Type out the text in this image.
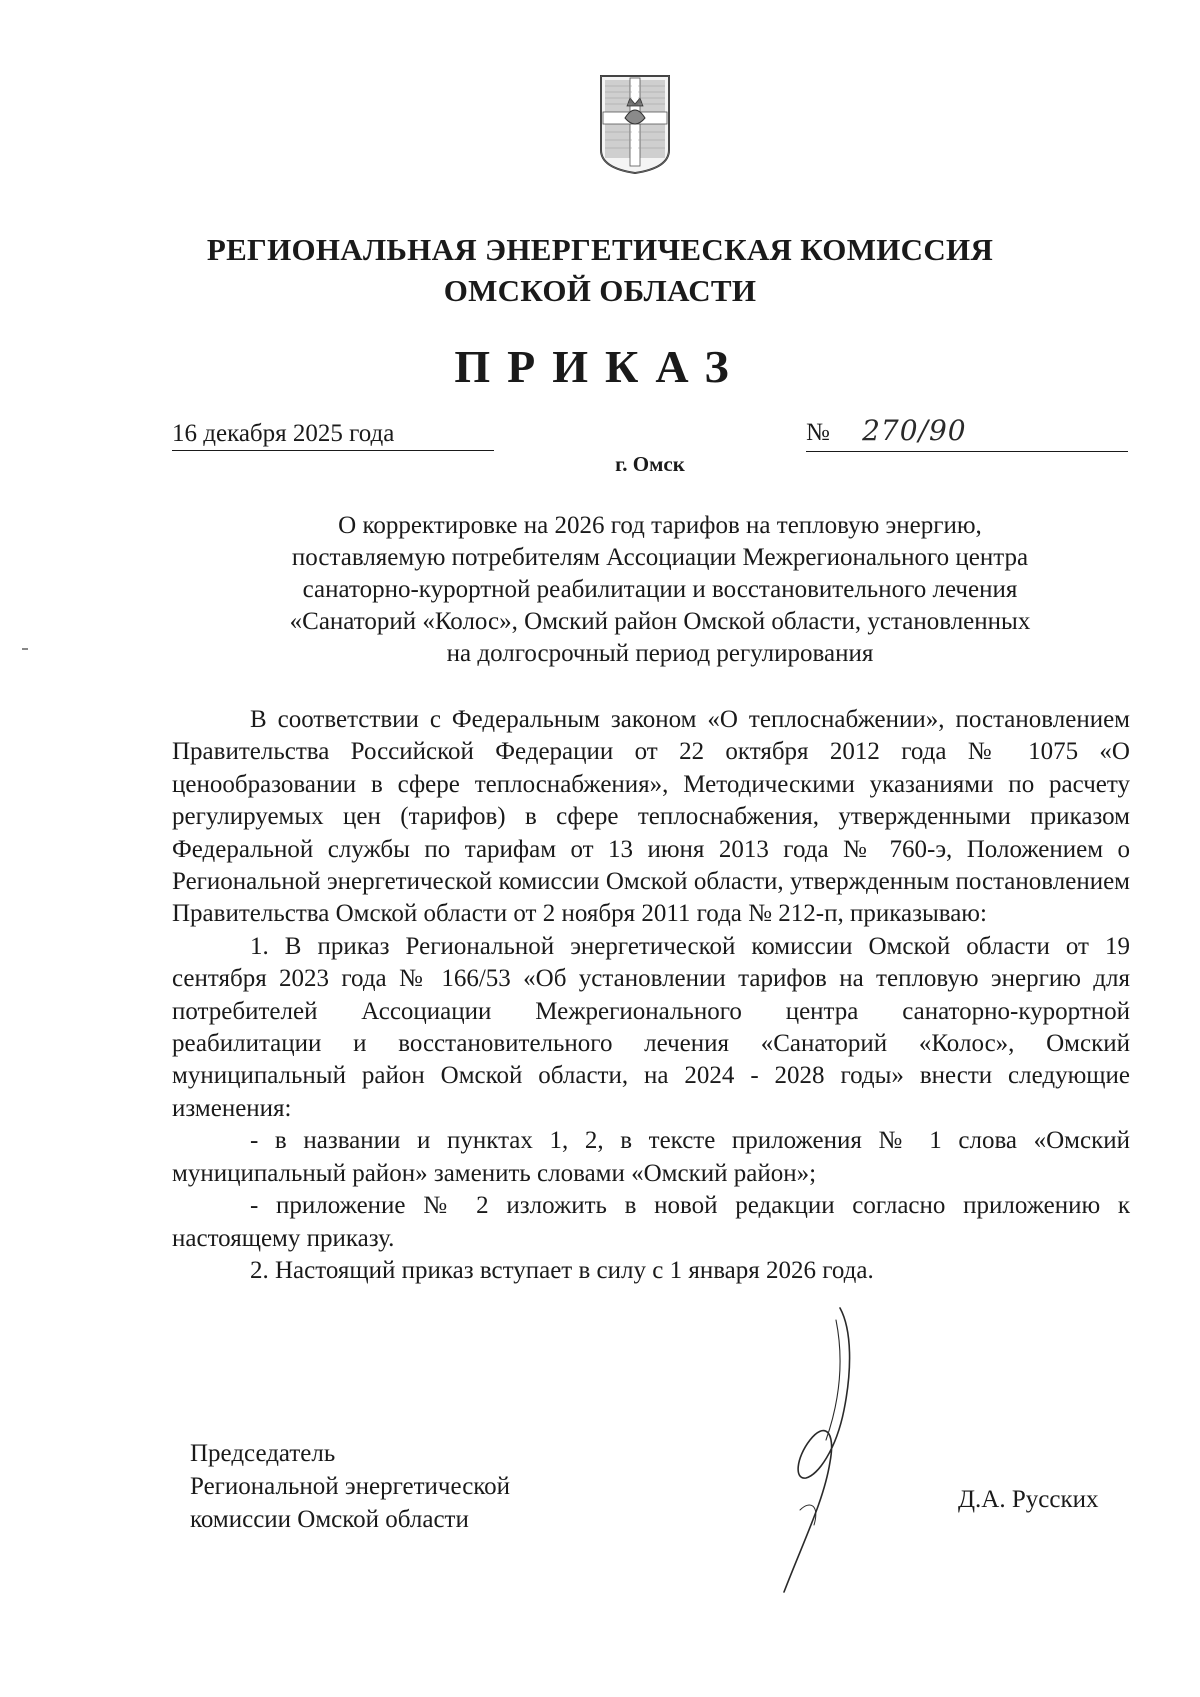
РЕГИОНАЛЬНАЯ ЭНЕРГЕТИЧЕСКАЯ КОМИССИЯ
ОМСКОЙ ОБЛАСТИ
ПРИКАЗ
16 декабря 2025 года	№ 270/90
г. Омск
О корректировке на 2026 год тарифов на тепловую энергию,
поставляемую потребителям Ассоциации Межрегионального центра
санаторно-курортной реабилитации и восстановительного лечения
«Санаторий «Колос», Омский район Омской области, установленных
на долгосрочный период регулирования

В соответствии с Федеральным законом «О теплоснабжении», постановлением Правительства Российской Федерации от 22 октября 2012 года № 1075 «О ценообразовании в сфере теплоснабжения», Методическими указаниями по расчету регулируемых цен (тарифов) в сфере теплоснабжения, утвержденными приказом Федеральной службы по тарифам от 13 июня 2013 года № 760-э, Положением о Региональной энергетической комиссии Омской области, утвержденным постановлением Правительства Омской области от 2 ноября 2011 года № 212-п, приказываю:

1. В приказ Региональной энергетической комиссии Омской области от 19 сентября 2023 года № 166/53 «Об установлении тарифов на тепловую энергию для потребителей Ассоциации Межрегионального центра санаторно-курортной реабилитации и восстановительного лечения «Санаторий «Колос», Омский муниципальный район Омской области, на 2024 - 2028 годы» внести следующие изменения:

- в названии и пунктах 1, 2, в тексте приложения № 1 слова «Омский муниципальный район» заменить словами «Омский район»;

- приложение № 2 изложить в новой редакции согласно приложению к настоящему приказу.

2. Настоящий приказ вступает в силу с 1 января 2026 года.

Председатель
Региональной энергетической
комиссии Омской области
Д.А. Русских
